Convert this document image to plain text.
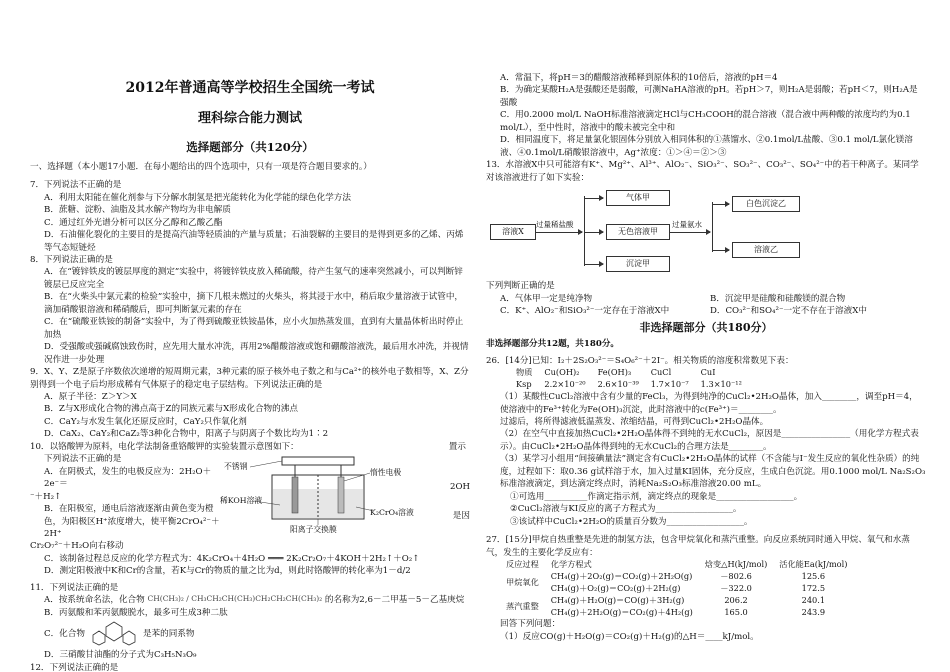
2012年普通高等学校招生全国统一考试
理科综合能力测试
选择题部分（共120分）

一、选择题（本小题17小题．在每小题给出的四个选项中，只有一项是符合题目要求的。）

7．下列说法不正确的是

A．利用太阳能在催化剂参与下分解水制氢是把光能转化为化学能的绿色化学方法

B．蔗糖、淀粉、油脂及其水解产物均为非电解质

C．通过红外光谱分析可以区分乙醇和乙酸乙酯

D．石油催化裂化的主要目的是提高汽油等轻质油的产量与质量；石油裂解的主要目的是得到更多的乙烯、丙烯等气态短链烃

8．下列说法正确的是

A．在“镀锌铁皮的镀层厚度的测定”实验中，将镀锌铁皮放入稀硫酸，待产生氢气的速率突然减小，可以判断锌镀层已反应完全

B．在“火柴头中氯元素的检验”实验中，摘下几根未燃过的火柴头，将其浸于水中，稍后取少量溶液于试管中，滴加硝酸银溶液和稀硝酸后，即可判断氯元素的存在

C．在“硫酸亚铁铵的制备”实验中，为了得到硫酸亚铁铵晶体，应小火加热蒸发皿，直到有大量晶体析出时停止加热

D．受强酸或强碱腐蚀致伤时，应先用大量水冲洗，再用2%醋酸溶液或饱和硼酸溶液洗，最后用水冲洗，并视情况作进一步处理

9．X、Y、Z是原子序数依次递增的短周期元素，3种元素的原子核外电子数之和与Ca²⁺的核外电子数相等，X、Z分别得到一个电子后均形成稀有气体原子的稳定电子层结构。下列说法正确的是

A．原子半径：Z＞Y＞X

B．Z与X形成化合物的沸点高于Z的同族元素与X形成化合物的沸点

C．CaY₂与水发生氧化还原反应时，CaY₂只作氧化剂

D．CaX₂、CaY₂和CaZ₂等3种化合物中，阳离子与阴离子个数比均为1∶2

10．以铬酸钾为原料，电化学法制备重铬酸钾的实验装置示意图如下：	置示

下列说法不正确的是

A．在阴极式，发生的电极反应为：2H₂O＋2e⁻＝

⁻＋H₂↑

B．在阳极室，通电后溶液逐渐由黄色变为橙色，为阳极区H⁺浓度增大，使平衡2CrO₄²⁻＋2H⁺

Cr₂O₇²⁻＋H₂O向右移动

不锈钢
惰性电极
稀KOH溶液
K₂CrO₄溶液
阳离子交换膜

2OH

是因

C．该制备过程总反应的化学方程式为：4K₂CrO₄＋4H₂O ═══ 2K₂Cr₂O₇＋4KOH＋2H₂↑＋O₂↑

D．测定阳极液中K和Cr的含量，若K与Cr的物质的量之比为d，则此时铬酸钾的转化率为1－d/2

11．下列说法正确的是

A．按系统命名法，化合物 CH(CH₃)₂ / CH₃CH₂CH(CH₃)CH₂CH₂CH(CH₃)₂ 的名称为2,6－二甲基－5－乙基庚烷

B．丙氨酸和苯丙氨酸脱水，最多可生成3种二肽

C．化合物	是苯的同系物

D．三硝酸甘油酯的分子式为C₃H₅N₃O₉

12．下列说法正确的是

A．常温下，将pH＝3的醋酸溶液稀释到原体积的10倍后，溶液的pH＝4

B．为确定某酸H₂A是强酸还是弱酸，可测NaHA溶液的pH。若pH＞7，则H₂A是弱酸；若pH＜7，则H₂A是强酸

C．用0.2000 mol/L NaOH标准溶液滴定HCl与CH₃COOH的混合溶液（混合液中两种酸的浓度均约为0.1 mol/L），至中性时，溶液中的酸未被完全中和

D．相同温度下，将足量氯化银固体分别放入相同体积的①蒸馏水、②0.1mol/L盐酸、③0.1 mol/L氯化镁溶液、④0.1mol/L硝酸银溶液中，Ag⁺浓度：①＞④＝②＞③

13．水溶液X中只可能溶有K⁺、Mg²⁺、Al³⁺、AlO₂⁻、SiO₃²⁻、SO₃²⁻、CO₃²⁻、SO₄²⁻中的若干种离子。某同学对该溶液进行了如下实验：

溶液X
过量稀盐酸
气体甲
无色溶液甲
沉淀甲
过量氨水
白色沉淀乙
溶液乙

下列判断正确的是

A．气体甲一定是纯净物	B．沉淀甲是硅酸和硅酸镁的混合物

C．K⁺、AlO₂⁻和SiO₃²⁻一定存在于溶液X中	D．CO₃²⁻和SO₄²⁻一定不存在于溶液X中

非选择题部分（共180分）

非选择题部分共12题，共180分。

26．[14分]已知：I₂＋2S₂O₃²⁻＝S₄O₆²⁻＋2I⁻。相关物质的溶度积常数见下表：

物质	Cu(OH)₂	Fe(OH)₃	CuCl	CuI
Ksp	2.2×10⁻²⁰	2.6×10⁻³⁹	1.7×10⁻⁷	1.3×10⁻¹²

（1）某酸性CuCl₂溶液中含有少量的FeCl₃，为得到纯净的CuCl₂•2H₂O晶体，加入________，调至pH＝4，使溶液中的Fe³⁺转化为Fe(OH)₃沉淀，此时溶液中的c(Fe³⁺)＝________。

过滤后，将所得滤液低温蒸发、浓缩结晶，可得到CuCl₂•2H₂O晶体。

（2）在空气中直接加热CuCl₂•2H₂O晶体得不到纯的无水CuCl₂，原因是________________（用化学方程式表示）。由CuCl₂•2H₂O晶体得到纯的无水CuCl₂的合理方法是________。

（3）某学习小组用“间接碘量法”测定含有CuCl₂•2H₂O晶体的试样（不含能与I⁻发生反应的氧化性杂质）的纯度，过程如下：取0.36 g试样溶于水，加入过量KI固体，充分反应，生成白色沉淀。用0.1000 mol/L Na₂S₂O₃标准溶液滴定，到达滴定终点时，消耗Na₂S₂O₃标准溶液20.00 mL。

①可选用__________作滴定指示剂，滴定终点的现象是__________________。

②CuCl₂溶液与KI反应的离子方程式为__________________。

③该试样中CuCl₂•2H₂O的质量百分数为__________________。

27．[15分]甲烷自热重整是先进的制氢方法，包含甲烷氧化和蒸汽重整。向反应系统同时通入甲烷、氧气和水蒸气，发生的主要化学反应有：

反应过程	化学方程式	焓变△H(kJ/mol)	活化能Ea(kJ/mol)
甲烷氧化	CH₄(g)＋2O₂(g)＝CO₂(g)＋2H₂O(g)	－802.6	125.6
	CH₄(g)＋O₂(g)＝CO₂(g)＋2H₂(g)	－322.0	172.5
蒸汽重整	CH₄(g)＋H₂O(g)＝CO(g)＋3H₂(g)	206.2	240.1
	CH₄(g)＋2H₂O(g)＝CO₂(g)＋4H₂(g)	165.0	243.9

回答下列问题：

（1）反应CO(g)＋H₂O(g)＝CO₂(g)＋H₂(g)的△H＝____kJ/mol。
